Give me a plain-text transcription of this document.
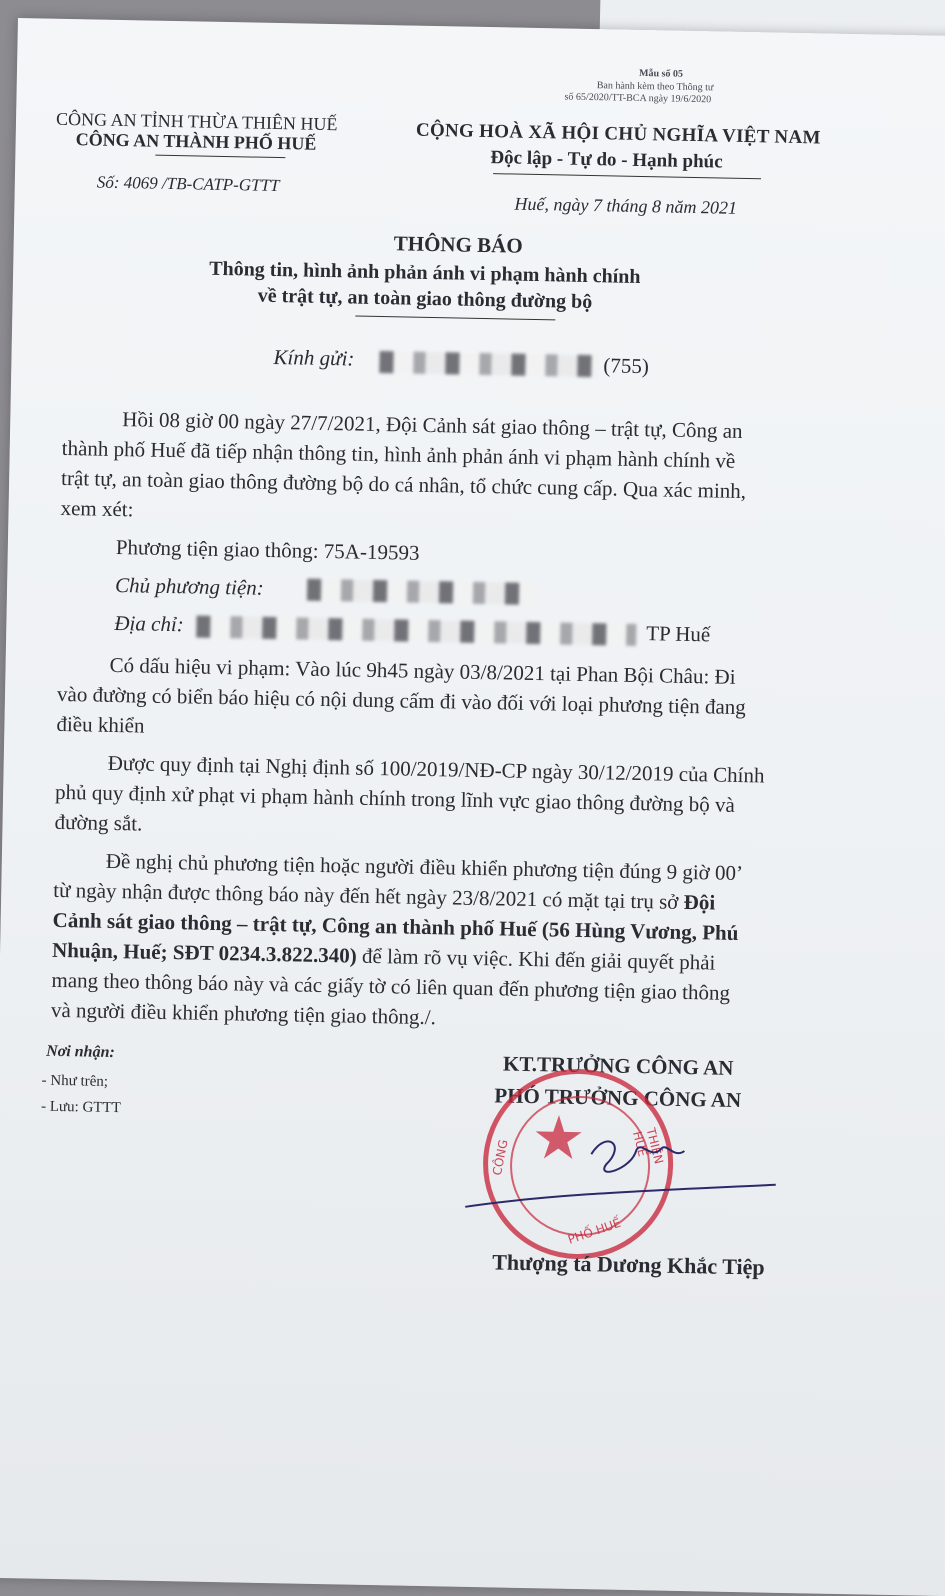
Mẫu số 05
Ban hành kèm theo Thông tư
số 65/2020/TT-BCA ngày 19/6/2020
CÔNG AN TỈNH THỪA THIÊN HUẾ
CÔNG AN THÀNH PHỐ HUẾ
Số: 4069 /TB-CATP-GTTT
CỘNG HOÀ XÃ HỘI CHỦ NGHĨA VIỆT NAM
Độc lập - Tự do - Hạnh phúc
Huế, ngày 7 tháng 8 năm 2021
THÔNG BÁO
Thông tin, hình ảnh phản ánh vi phạm hành chính
về trật tự, an toàn giao thông đường bộ
Kính gửi:	(755)
Hồi 08 giờ 00 ngày 27/7/2021, Đội Cảnh sát giao thông – trật tự, Công an
thành phố Huế đã tiếp nhận thông tin, hình ảnh phản ánh vi phạm hành chính về
trật tự, an toàn giao thông đường bộ do cá nhân, tổ chức cung cấp. Qua xác minh,
xem xét:
Phương tiện giao thông: 75A-19593
Chủ phương tiện:
Địa chỉ:	TP Huế
Có dấu hiệu vi phạm: Vào lúc 9h45 ngày 03/8/2021 tại Phan Bội Châu: Đi
vào đường có biển báo hiệu có nội dung cấm đi vào đối với loại phương tiện đang
điều khiển
Được quy định tại Nghị định số 100/2019/NĐ-CP ngày 30/12/2019 của Chính
phủ quy định xử phạt vi phạm hành chính trong lĩnh vực giao thông đường bộ và
đường sắt.
Đề nghị chủ phương tiện hoặc người điều khiển phương tiện đúng 9 giờ 00’
từ ngày nhận được thông báo này đến hết ngày 23/8/2021 có mặt tại trụ sở Đội
Cảnh sát giao thông – trật tự, Công an thành phố Huế (56 Hùng Vương, Phú
Nhuận, Huế; SĐT 0234.3.822.340) để làm rõ vụ việc. Khi đến giải quyết phải
mang theo thông báo này và các giấy tờ có liên quan đến phương tiện giao thông
và người điều khiển phương tiện giao thông./.
Nơi nhận:
- Như trên;
- Lưu: GTTT
KT.TRƯỞNG CÔNG AN
PHÓ TRƯỞNG CÔNG AN
★	THIÊN HUẾ
CÔNG
PHỐ HUẾ
Thượng tá Dương Khắc Tiệp
